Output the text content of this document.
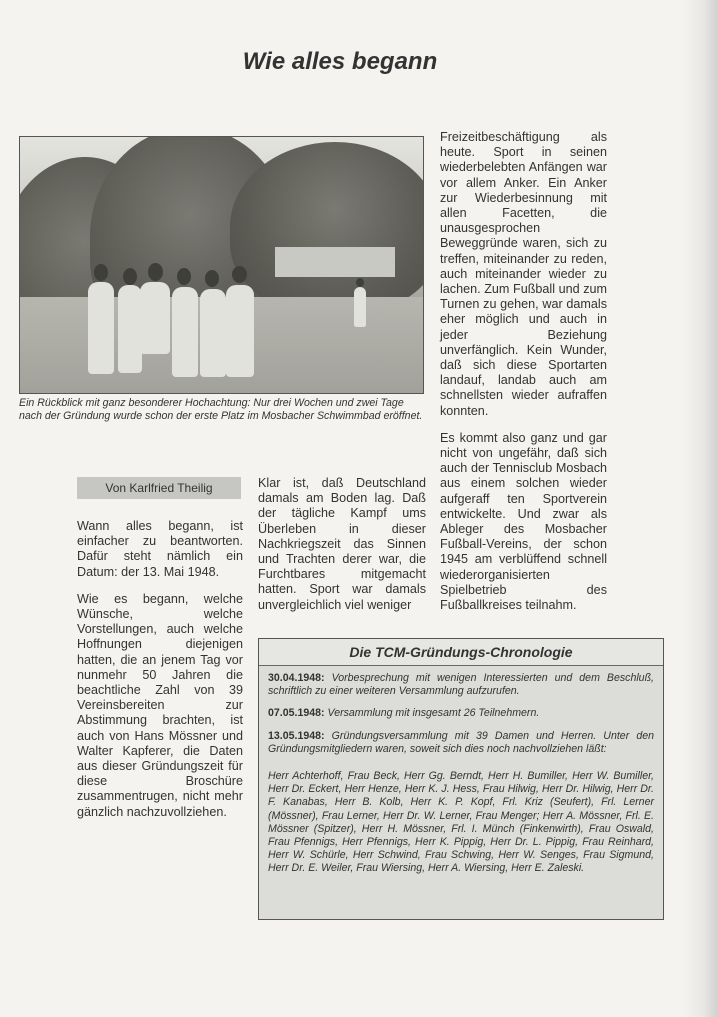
Wie alles begann
Ein Rückblick mit ganz besonderer Hochachtung: Nur drei Wochen und zwei Tage nach der Gründung wurde schon der erste Platz im Mosbacher Schwimmbad eröffnet.
Von Karlfried Theilig

Wann alles begann, ist einfacher zu beantworten. Dafür steht nämlich ein Datum: der 13. Mai 1948.

Wie es begann, welche Wünsche, welche Vorstellungen, auch welche Hoffnungen diejenigen hatten, die an jenem Tag vor nunmehr 50 Jahren die beachtliche Zahl von 39 Vereinsbereiten zur Abstimmung brachten, ist auch von Hans Mössner und Walter Kapferer, die Daten aus dieser Gründungszeit für diese Broschüre zusammentrugen, nicht mehr gänzlich nachzuvollziehen.

Klar ist, daß Deutschland damals am Boden lag. Daß der tägliche Kampf ums Überleben in dieser Nachkriegszeit das Sinnen und Trachten derer war, die Furchtbares mitgemacht hatten. Sport war damals unvergleichlich viel weniger

Freizeitbeschäftigung als heute. Sport in seinen wiederbelebten Anfängen war vor allem Anker. Ein Anker zur Wiederbesinnung mit allen Facetten, die unausgesprochen Beweggründe waren, sich zu treffen, miteinander zu reden, auch miteinander wieder zu lachen. Zum Fußball und zum Turnen zu gehen, war damals eher möglich und auch in jeder Beziehung unverfänglich. Kein Wunder, daß sich diese Sportarten landauf, landab auch am schnellsten wieder aufraffen konnten.

Es kommt also ganz und gar nicht von ungefähr, daß sich auch der Tennisclub Mosbach aus einem solchen wieder aufgeraff ten Sportverein entwickelte. Und zwar als Ableger des Mosbacher Fußball-Vereins, der schon 1945 am verblüffend schnell wiederorganisierten Spielbetrieb des Fußballkreises teilnahm.

Die TCM-Gründungs-Chronologie

30.04.1948: Vorbesprechung mit wenigen Interessierten und dem Beschluß, schriftlich zu einer weiteren Versammlung aufzurufen.

07.05.1948: Versammlung mit insgesamt 26 Teilnehmern.

13.05.1948: Gründungsversammlung mit 39 Damen und Herren. Unter den Gründungsmitgliedern waren, soweit sich dies noch nachvollziehen läßt:

Herr Achterhoff, Frau Beck, Herr Gg. Berndt, Herr H. Bumiller, Herr W. Bumiller, Herr Dr. Eckert, Herr Henze, Herr K. J. Hess, Frau Hilwig, Herr Dr. Hilwig, Herr Dr. F. Kanabas, Herr B. Kolb, Herr K. P. Kopf, Frl. Kriz (Seufert), Frl. Lerner (Mössner), Frau Lerner, Herr Dr. W. Lerner, Frau Menger; Herr A. Mössner, Frl. E. Mössner (Spitzer), Herr H. Mössner, Frl. I. Münch (Finkenwirth), Frau Oswald, Frau Pfennigs, Herr Pfennigs, Herr K. Pippig, Herr Dr. L. Pippig, Frau Reinhard, Herr W. Schürle, Herr Schwind, Frau Schwing, Herr W. Senges, Frau Sigmund, Herr Dr. E. Weiler, Frau Wiersing, Herr A. Wiersing, Herr E. Zaleski.
